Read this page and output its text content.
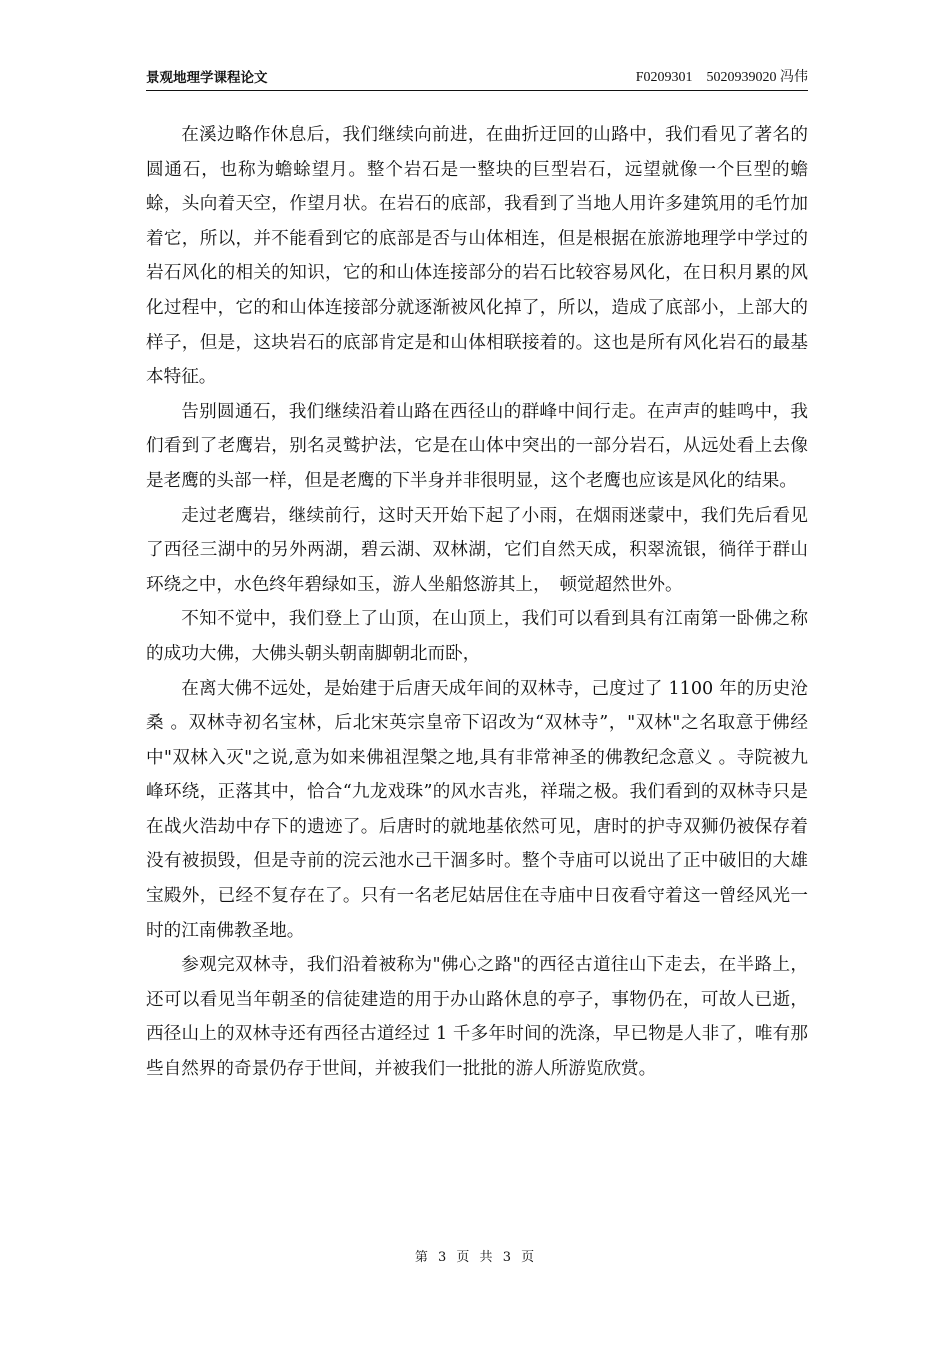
景观地理学课程论文	F0209301　5020939020 冯伟

在溪边略作休息后，我们继续向前进，在曲折迂回的山路中，我们看见了著名的圆通石，也称为蟾蜍望月。整个岩石是一整块的巨型岩石，远望就像一个巨型的蟾蜍，头向着天空，作望月状。在岩石的底部，我看到了当地人用许多建筑用的毛竹加着它，所以，并不能看到它的底部是否与山体相连，但是根据在旅游地理学中学过的岩石风化的相关的知识，它的和山体连接部分的岩石比较容易风化，在日积月累的风化过程中，它的和山体连接部分就逐渐被风化掉了，所以，造成了底部小，上部大的样子，但是，这块岩石的底部肯定是和山体相联接着的。这也是所有风化岩石的最基本特征。

告别圆通石，我们继续沿着山路在西径山的群峰中间行走。在声声的蛙鸣中，我们看到了老鹰岩，别名灵鹫护法，它是在山体中突出的一部分岩石，从远处看上去像是老鹰的头部一样，但是老鹰的下半身并非很明显，这个老鹰也应该是风化的结果。

走过老鹰岩，继续前行，这时天开始下起了小雨，在烟雨迷蒙中，我们先后看见了西径三湖中的另外两湖，碧云湖、双林湖，它们自然天成，积翠流银，徜徉于群山环绕之中，水色终年碧绿如玉，游人坐船悠游其上，　顿觉超然世外。

不知不觉中，我们登上了山顶，在山顶上，我们可以看到具有江南第一卧佛之称的成功大佛，大佛头朝头朝南脚朝北而卧，

在离大佛不远处，是始建于后唐天成年间的双林寺，己度过了 1100 年的历史沧桑 。双林寺初名宝林，后北宋英宗皇帝下诏改为“双林寺”，"双林"之名取意于佛经中"双林入灭"之说,意为如来佛祖涅槃之地,具有非常神圣的佛教纪念意义 。寺院被九峰环绕，正落其中，恰合“九龙戏珠”的风水吉兆，祥瑞之极。我们看到的双林寺只是在战火浩劫中存下的遗迹了。后唐时的就地基依然可见，唐时的护寺双狮仍被保存着没有被损毁，但是寺前的浣云池水己干涸多时。整个寺庙可以说出了正中破旧的大雄宝殿外，已经不复存在了。只有一名老尼姑居住在寺庙中日夜看守着这一曾经风光一时的江南佛教圣地。

参观完双林寺，我们沿着被称为"佛心之路"的西径古道往山下走去，在半路上，还可以看见当年朝圣的信徒建造的用于办山路休息的亭子，事物仍在，可故人已逝，西径山上的双林寺还有西径古道经过 1 千多年时间的洗涤，早已物是人非了，唯有那些自然界的奇景仍存于世间，并被我们一批批的游人所游览欣赏。

第 3 页 共 3 页
